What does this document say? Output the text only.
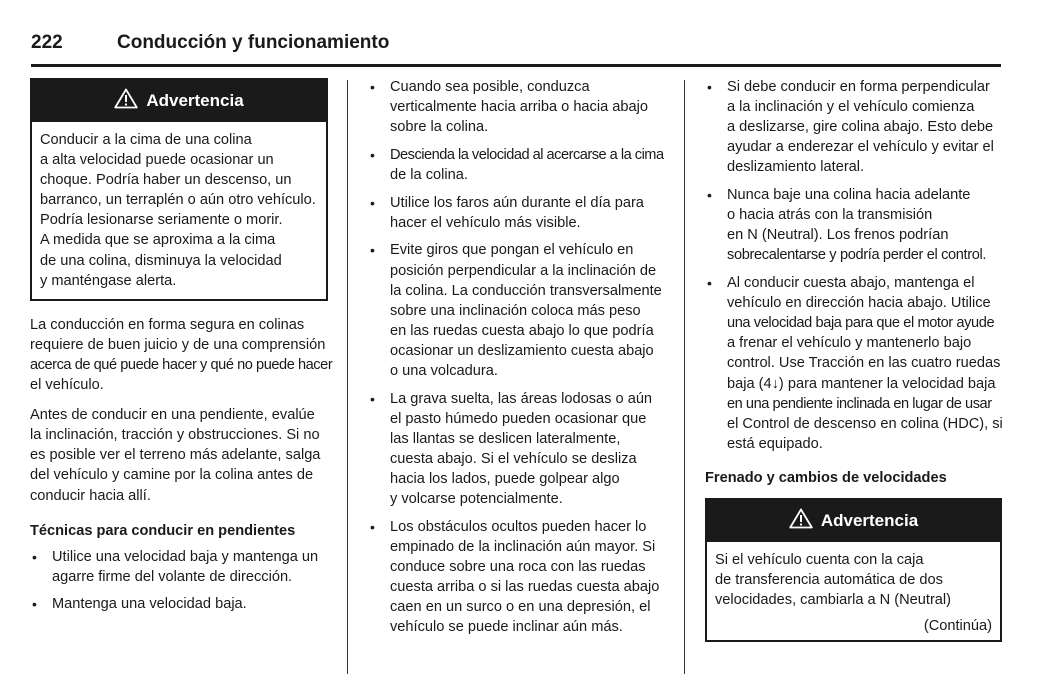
222	Conducción y funcionamiento
Advertencia
Conducir a la cima de una colina
a alta velocidad puede ocasionar un
choque. Podría haber un descenso, un
barranco, un terraplén o aún otro vehículo.
Podría lesionarse seriamente o morir.
A medida que se aproxima a la cima
de una colina, disminuya la velocidad
y manténgase alerta.

La conducción en forma segura en colinas
requiere de buen juicio y de una comprensión
acerca de qué puede hacer y qué no puede hacer
el vehículo.

Antes de conducir en una pendiente, evalúe
la inclinación, tracción y obstrucciones. Si no
es posible ver el terreno más adelante, salga
del vehículo y camine por la colina antes de
conducir hacia allí.

Técnicas para conducir en pendientes

• Utilice una velocidad baja y mantenga un
agarre firme del volante de dirección.
• Mantenga una velocidad baja.
• Cuando sea posible, conduzca
verticalmente hacia arriba o hacia abajo
sobre la colina.
• Descienda la velocidad al acercarse a la cima
de la colina.
• Utilice los faros aún durante el día para
hacer el vehículo más visible.
• Evite giros que pongan el vehículo en
posición perpendicular a la inclinación de
la colina. La conducción transversalmente
sobre una inclinación coloca más peso
en las ruedas cuesta abajo lo que podría
ocasionar un deslizamiento cuesta abajo
o una volcadura.
• La grava suelta, las áreas lodosas o aún
el pasto húmedo pueden ocasionar que
las llantas se deslicen lateralmente,
cuesta abajo. Si el vehículo se desliza
hacia los lados, puede golpear algo
y volcarse potencialmente.
• Los obstáculos ocultos pueden hacer lo
empinado de la inclinación aún mayor. Si
conduce sobre una roca con las ruedas
cuesta arriba o si las ruedas cuesta abajo
caen en un surco o en una depresión, el
vehículo se puede inclinar aún más.
• Si debe conducir en forma perpendicular
a la inclinación y el vehículo comienza
a deslizarse, gire colina abajo. Esto debe
ayudar a enderezar el vehículo y evitar el
deslizamiento lateral.
• Nunca baje una colina hacia adelante
o hacia atrás con la transmisión
en N (Neutral). Los frenos podrían
sobrecalentarse y podría perder el control.
• Al conducir cuesta abajo, mantenga el
vehículo en dirección hacia abajo. Utilice
una velocidad baja para que el motor ayude
a frenar el vehículo y mantenerlo bajo
control. Use Tracción en las cuatro ruedas
baja (4↓) para mantener la velocidad baja
en una pendiente inclinada en lugar de usar
el Control de descenso en colina (HDC), si
está equipado.

Frenado y cambios de velocidades

Advertencia
Si el vehículo cuenta con la caja
de transferencia automática de dos
velocidades, cambiarla a N (Neutral)
(Continúa)
